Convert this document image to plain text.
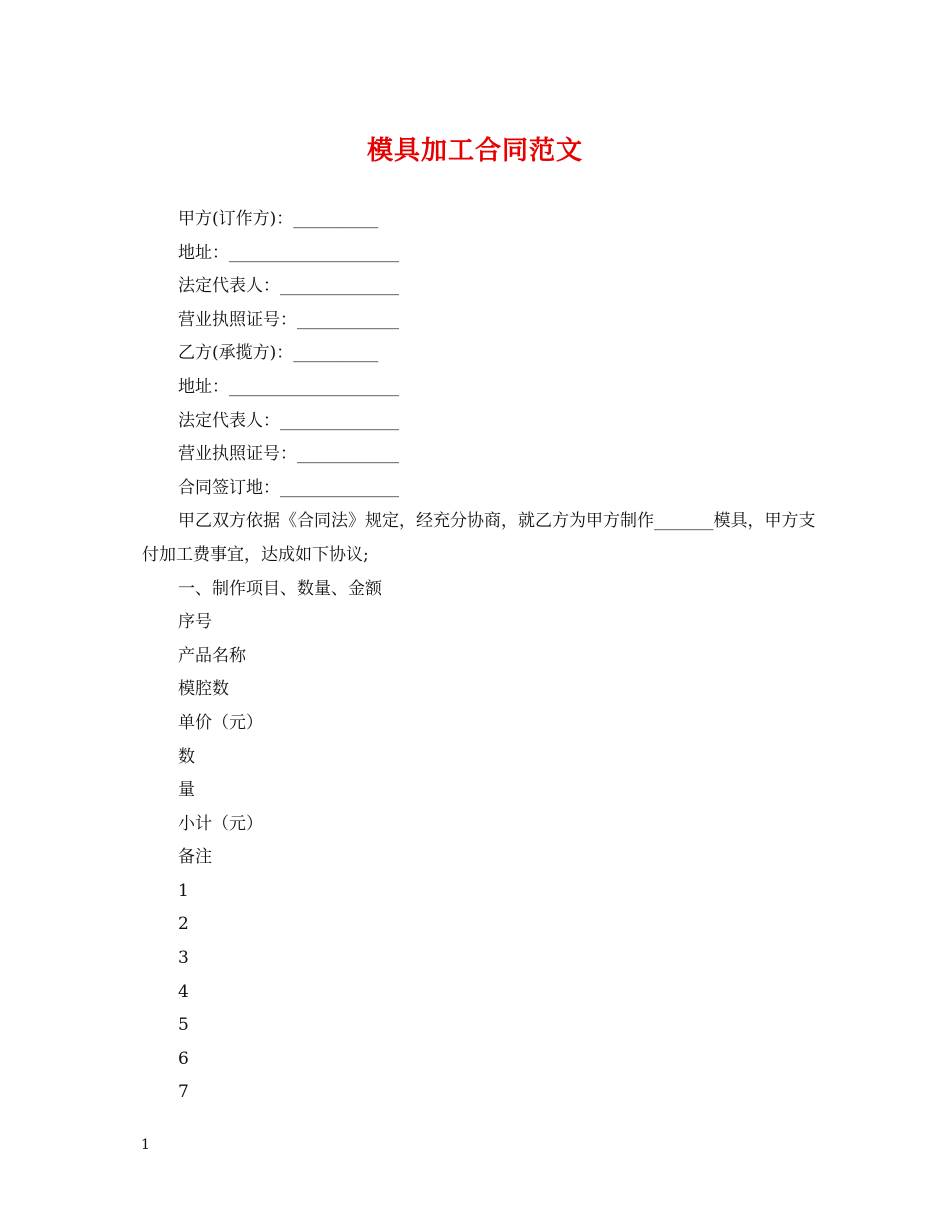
模具加工合同范文

甲方(订作方)：__________

地址：____________________

法定代表人：______________

营业执照证号：____________

乙方(承揽方)：__________

地址：____________________

法定代表人：______________

营业执照证号：____________

合同签订地：______________

甲乙双方依据《合同法》规定，经充分协商，就乙方为甲方制作_______模具，甲方支付加工费事宜，达成如下协议;

一、制作项目、数量、金额

序号

产品名称

模腔数

单价（元）

数

量

小计（元）

备注

1

2

3

4

5

6

7

1
